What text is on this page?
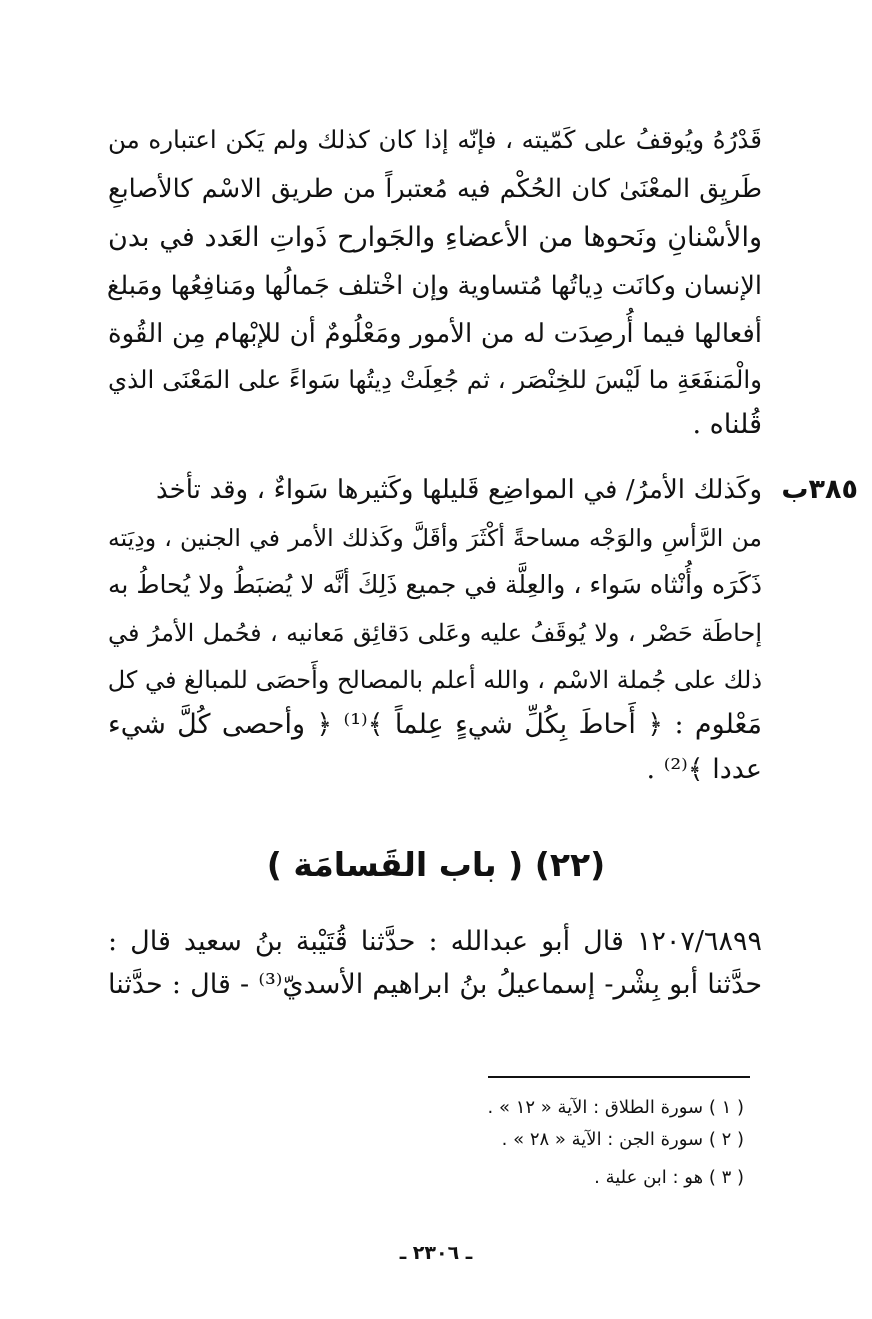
قَدْرُهُ ويُوقفُ على كَمّيته ، فإنّه إذا كان كذلك ولم يَكن اعتباره من
طَريِق المعْنَىٰ كان الحُكْم فيه مُعتبراً من طريق الاسْم كالأصابعِ
والأسْنانِ ونَحوها من الأعضاءِ والجَوارح ذَواتِ العَدد في بدن
الإنسان وكانَت دِياتُها مُتساوية وإن اخْتلف جَمالُها ومَنافِعُها ومَبلغ
أفعالها فيما أُرصِدَت له من الأمور ومَعْلُومٌ أن للإبْهام مِن القُوة
والْمَنفَعَةِ ما لَيْسَ للخِنْصَر ، ثم جُعِلَتْ دِيتُها سَواءً على المَعْنَى الذي
قُلناه .
٣٨٥ب
وكَذلك الأمرُ/ في المواضِع قَليلها وكَثيرها سَواءٌ ، وقد تأخذ
من الرَّأسِ والوَجْه مساحةً أكْثَرَ وأقَلَّ وكَذلك الأمر في الجنين ، ودِيَته
ذَكَرَه وأُنْثاه سَواء ، والعِلَّة في جميع ذَلِكَ أنَّه لا يُضبَطُ ولا يُحاطُ به
إحاطَة حَصْر ، ولا يُوقَفُ عليه وعَلى دَقائِق مَعانيه ، فحُمل الأمرُ في
ذلك على جُملة الاسْم ، والله أعلم بالمصالح وأَحصَى للمبالغ في كل
مَعْلوم : ﴿ أَحاطَ بِكُلِّ شيءٍ عِلماً ﴾⁽¹⁾ ﴿ وأحصى كُلَّ شيء
عددا ﴾⁽²⁾ .
(٢٢) ( باب القَسامَة )
١٢٠٧/٦٨٩٩ قال أبو عبدالله : حدَّثنا قُتَيْبة بنُ سعيد قال :
حدَّثنا أبو بِشْر- إسماعيلُ بنُ ابراهيم الأسديّ⁽³⁾ - قال : حدَّثنا
( ١ ) سورة الطلاق : الآية « ١٢ » .
( ٢ ) سورة الجن : الآية « ٢٨ » .
( ٣ ) هو : ابن علية .
ـ ٢٣٠٦ ـ
